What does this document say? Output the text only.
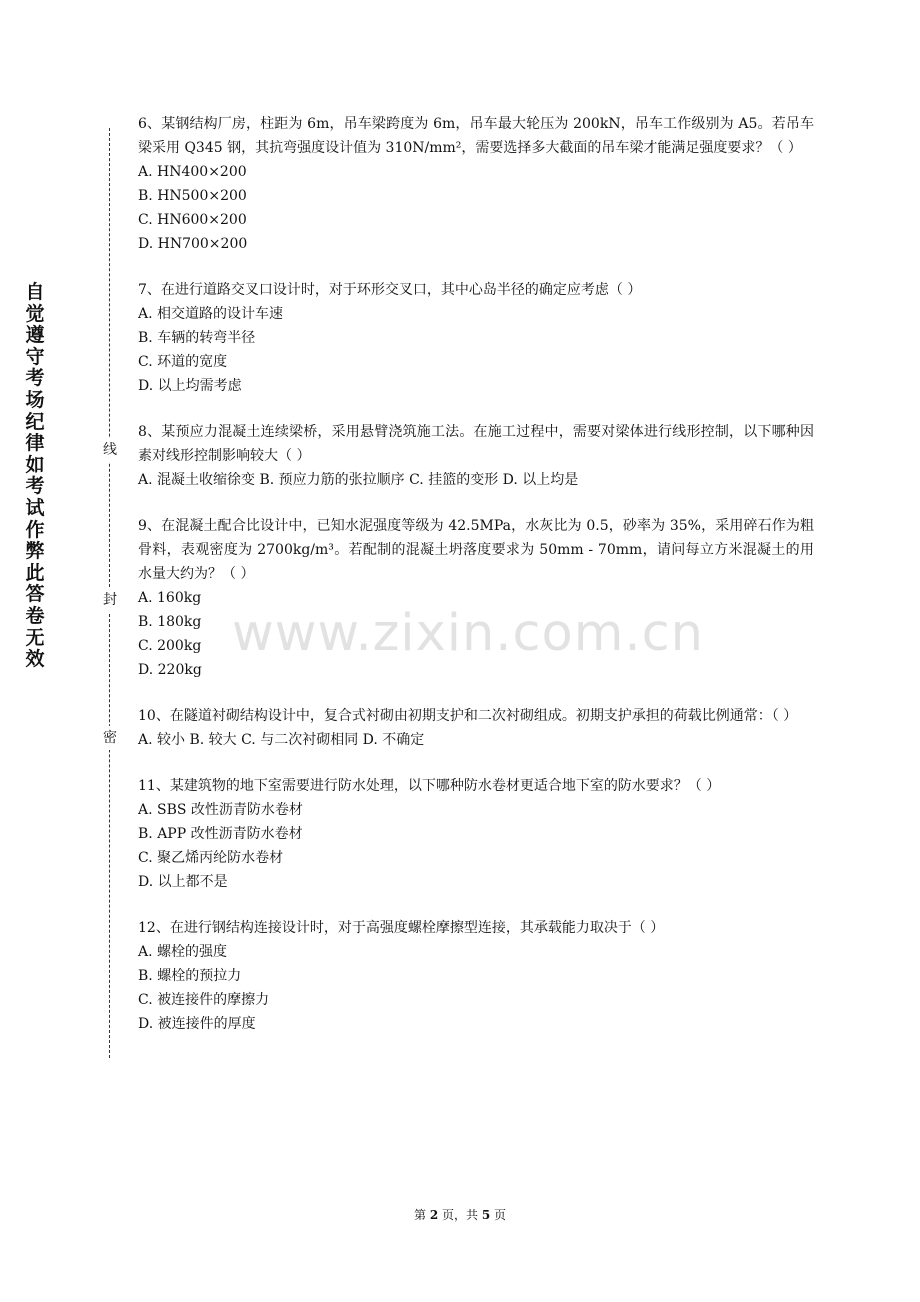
自觉遵守考场纪律如考试作弊此答卷无效
线
封
密
www.zixin.com.cn

6、某钢结构厂房，柱距为 6m，吊车梁跨度为 6m，吊车最大轮压为 200kN，吊车工作级别为 A5。若吊车梁采用 Q345 钢，其抗弯强度设计值为 310N/mm²，需要选择多大截面的吊车梁才能满足强度要求？（ ）

A. HN400×200

B. HN500×200

C. HN600×200

D. HN700×200

7、在进行道路交叉口设计时，对于环形交叉口，其中心岛半径的确定应考虑（ ）

A. 相交道路的设计车速

B. 车辆的转弯半径

C. 环道的宽度

D. 以上均需考虑

8、某预应力混凝土连续梁桥，采用悬臂浇筑施工法。在施工过程中，需要对梁体进行线形控制，以下哪种因素对线形控制影响较大（ ）

A. 混凝土收缩徐变 B. 预应力筋的张拉顺序 C. 挂篮的变形 D. 以上均是

9、在混凝土配合比设计中，已知水泥强度等级为 42.5MPa，水灰比为 0.5，砂率为 35%，采用碎石作为粗骨料，表观密度为 2700kg/m³。若配制的混凝土坍落度要求为 50mm - 70mm，请问每立方米混凝土的用水量大约为？（ ）

A. 160kg

B. 180kg

C. 200kg

D. 220kg

10、在隧道衬砌结构设计中，复合式衬砌由初期支护和二次衬砌组成。初期支护承担的荷载比例通常：（ ）

A. 较小 B. 较大 C. 与二次衬砌相同 D. 不确定

11、某建筑物的地下室需要进行防水处理，以下哪种防水卷材更适合地下室的防水要求？（ ）

A. SBS 改性沥青防水卷材

B. APP 改性沥青防水卷材

C. 聚乙烯丙纶防水卷材

D. 以上都不是

12、在进行钢结构连接设计时，对于高强度螺栓摩擦型连接，其承载能力取决于（ ）

A. 螺栓的强度

B. 螺栓的预拉力

C. 被连接件的摩擦力

D. 被连接件的厚度

第 2 页，共 5 页
